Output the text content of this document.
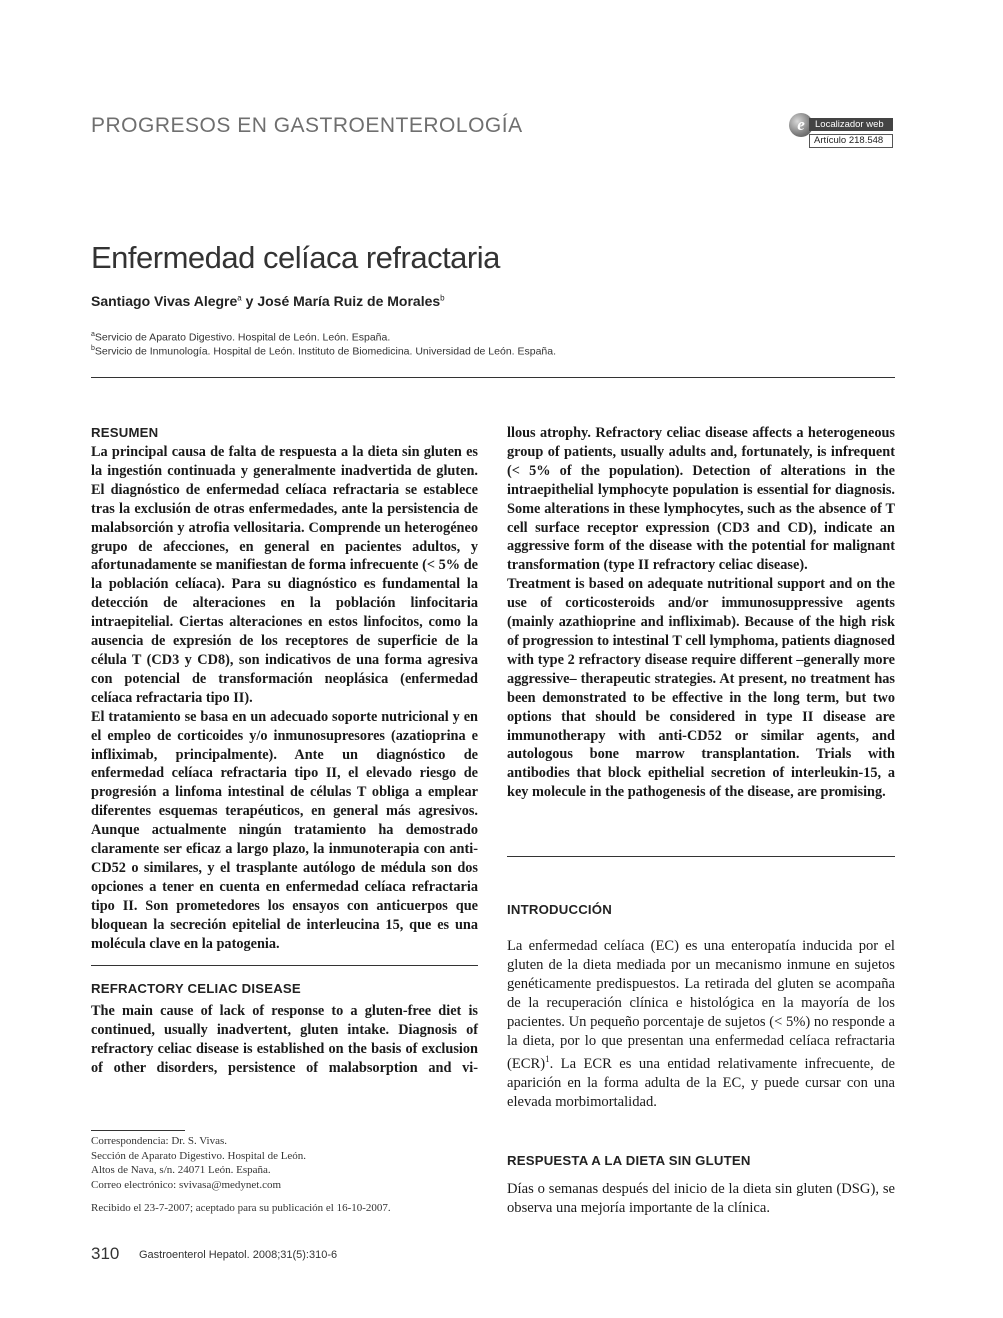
PROGRESOS EN GASTROENTEROLOGÍA	e	Localizador web
Artículo 218.548
Enfermedad celíaca refractaria
Santiago Vivas Alegre$^a$ y José María Ruiz de Morales$^b$
$^a$Servicio de Aparato Digestivo. Hospital de León. León. España.
$^b$Servicio de Inmunología. Hospital de León. Instituto de Biomedicina. Universidad de León. España.
RESUMEN

La principal causa de falta de respuesta a la dieta sin gluten es la ingestión continuada y generalmente inadvertida de gluten. El diagnóstico de enfermedad celíaca refractaria se establece tras la exclusión de otras enfermedades, ante la persistencia de malabsorción y atrofia vellositaria. Comprende un heterogéneo grupo de afecciones, en general en pacientes adultos, y afortunadamente se manifiestan de forma infrecuente (< 5% de la población celíaca). Para su diagnóstico es fundamental la detección de alteraciones en la población linfocitaria intraepitelial. Ciertas alteraciones en estos linfocitos, como la ausencia de expresión de los receptores de superficie de la célula T (CD3 y CD8), son indicativos de una forma agresiva con potencial de transformación neoplásica (enfermedad celíaca refractaria tipo II).

El tratamiento se basa en un adecuado soporte nutricional y en el empleo de corticoides y/o inmunosupresores (azatioprina e infliximab, principalmente). Ante un diagnóstico de enfermedad celíaca refractaria tipo II, el elevado riesgo de progresión a linfoma intestinal de células T obliga a emplear diferentes esquemas terapéuticos, en general más agresivos. Aunque actualmente ningún tratamiento ha demostrado claramente ser eficaz a largo plazo, la inmunoterapia con anti-CD52 o similares, y el trasplante autólogo de médula son dos opciones a tener en cuenta en enfermedad celíaca refractaria tipo II. Son prometedores los ensayos con anticuerpos que bloquean la secreción epitelial de interleucina 15, que es una molécula clave en la patogenia.

REFRACTORY CELIAC DISEASE

The main cause of lack of response to a gluten-free diet is continued, usually inadvertent, gluten intake. Diagnosis of refractory celiac disease is established on the basis of exclusion of other disorders, persistence of malabsorption and vi-

Correspondencia: Dr. S. Vivas.
Sección de Aparato Digestivo. Hospital de León.
Altos de Nava, s/n. 24071 León. España.
Correo electrónico: svivasa@medynet.com
Recibido el 23-7-2007; aceptado para su publicación el 16-10-2007.

llous atrophy. Refractory celiac disease affects a heterogeneous group of patients, usually adults and, fortunately, is infrequent (< 5% of the population). Detection of alterations in the intraepithelial lymphocyte population is essential for diagnosis. Some alterations in these lymphocytes, such as the absence of T cell surface receptor expression (CD3 and CD), indicate an aggressive form of the disease with the potential for malignant transformation (type II refractory celiac disease).

Treatment is based on adequate nutritional support and on the use of corticosteroids and/or immunosuppressive agents (mainly azathioprine and infliximab). Because of the high risk of progression to intestinal T cell lymphoma, patients diagnosed with type 2 refractory disease require different –generally more aggressive– therapeutic strategies. At present, no treatment has been demonstrated to be effective in the long term, but two options that should be considered in type II disease are immunotherapy with anti-CD52 or similar agents, and autologous bone marrow transplantation. Trials with antibodies that block epithelial secretion of interleukin-15, a key molecule in the pathogenesis of the disease, are promising.

INTRODUCCIÓN

La enfermedad celíaca (EC) es una enteropatía inducida por el gluten de la dieta mediada por un mecanismo inmune en sujetos genéticamente predispuestos. La retirada del gluten se acompaña de la recuperación clínica e histológica en la mayoría de los pacientes. Un pequeño porcentaje de sujetos (< 5%) no responde a la dieta, por lo que presentan una enfermedad celíaca refractaria (ECR)$^1$. La ECR es una entidad relativamente infrecuente, de aparición en la forma adulta de la EC, y puede cursar con una elevada morbimortalidad.

RESPUESTA A LA DIETA SIN GLUTEN

Días o semanas después del inicio de la dieta sin gluten (DSG), se observa una mejoría importante de la clínica.

310 Gastroenterol Hepatol. 2008;31(5):310-6
